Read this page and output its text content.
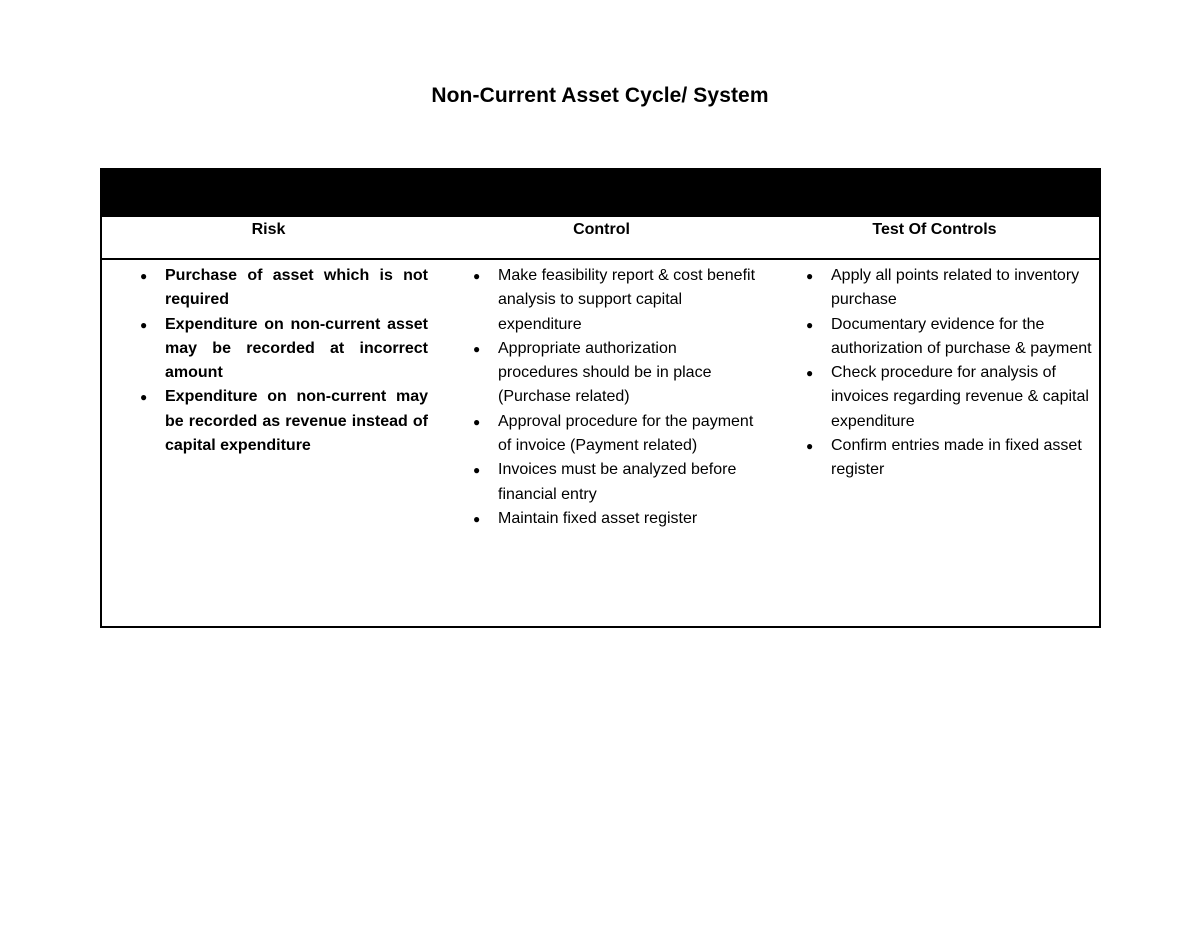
Non-Current Asset Cycle/ System
Risk	Control	Test Of Controls
● Purchase of asset which is not required
● Expenditure on non-current asset may be recorded at incorrect amount
● Expenditure on non-current may be recorded as revenue instead of capital expenditure
● Make feasibility report & cost benefit analysis to support capital expenditure
● Appropriate authorization procedures should be in place (Purchase related)
● Approval procedure for the payment of invoice (Payment related)
● Invoices must be analyzed before financial entry
● Maintain fixed asset register
● Apply all points related to inventory purchase
● Documentary evidence for the authorization of purchase & payment
● Check procedure for analysis of invoices regarding revenue & capital expenditure
● Confirm entries made in fixed asset register
